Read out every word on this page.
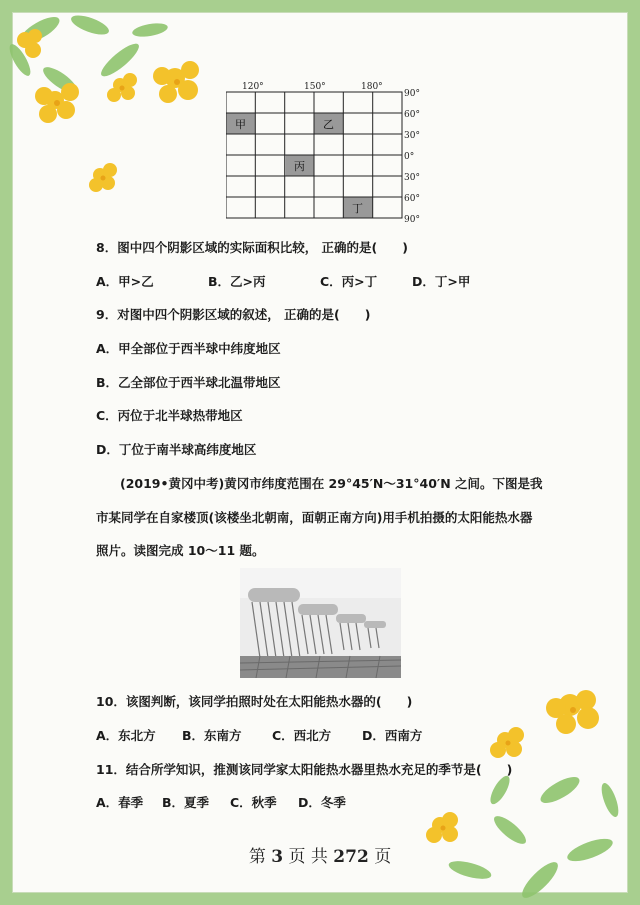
120°	150°	180°
90°
60°
30°
0°
30°
60°
90°
甲	乙
丙
丁
8．图中四个阴影区域的实际面积比较， 正确的是(　　)
A．甲>乙	B．乙>丙	C．丙>丁	D．丁>甲
9．对图中四个阴影区域的叙述， 正确的是(　　)
A．甲全部位于西半球中纬度地区
B．乙全部位于西半球北温带地区
C．丙位于北半球热带地区
D．丁位于南半球高纬度地区
(2019•黄冈中考)黄冈市纬度范围在 29°45′N～31°40′N 之间。下图是我
市某同学在自家楼顶(该楼坐北朝南，面朝正南方向)用手机拍摄的太阳能热水器
照片。读图完成 10～11 题。
10．该图判断，该同学拍照时处在太阳能热水器的(　　)
A．东北方 B．东南方 C．西北方 D．西南方
11．结合所学知识，推测该同学家太阳能热水器里热水充足的季节是(　　)
A．春季 B．夏季 C．秋季 D．冬季
第 3 页 共 272 页
